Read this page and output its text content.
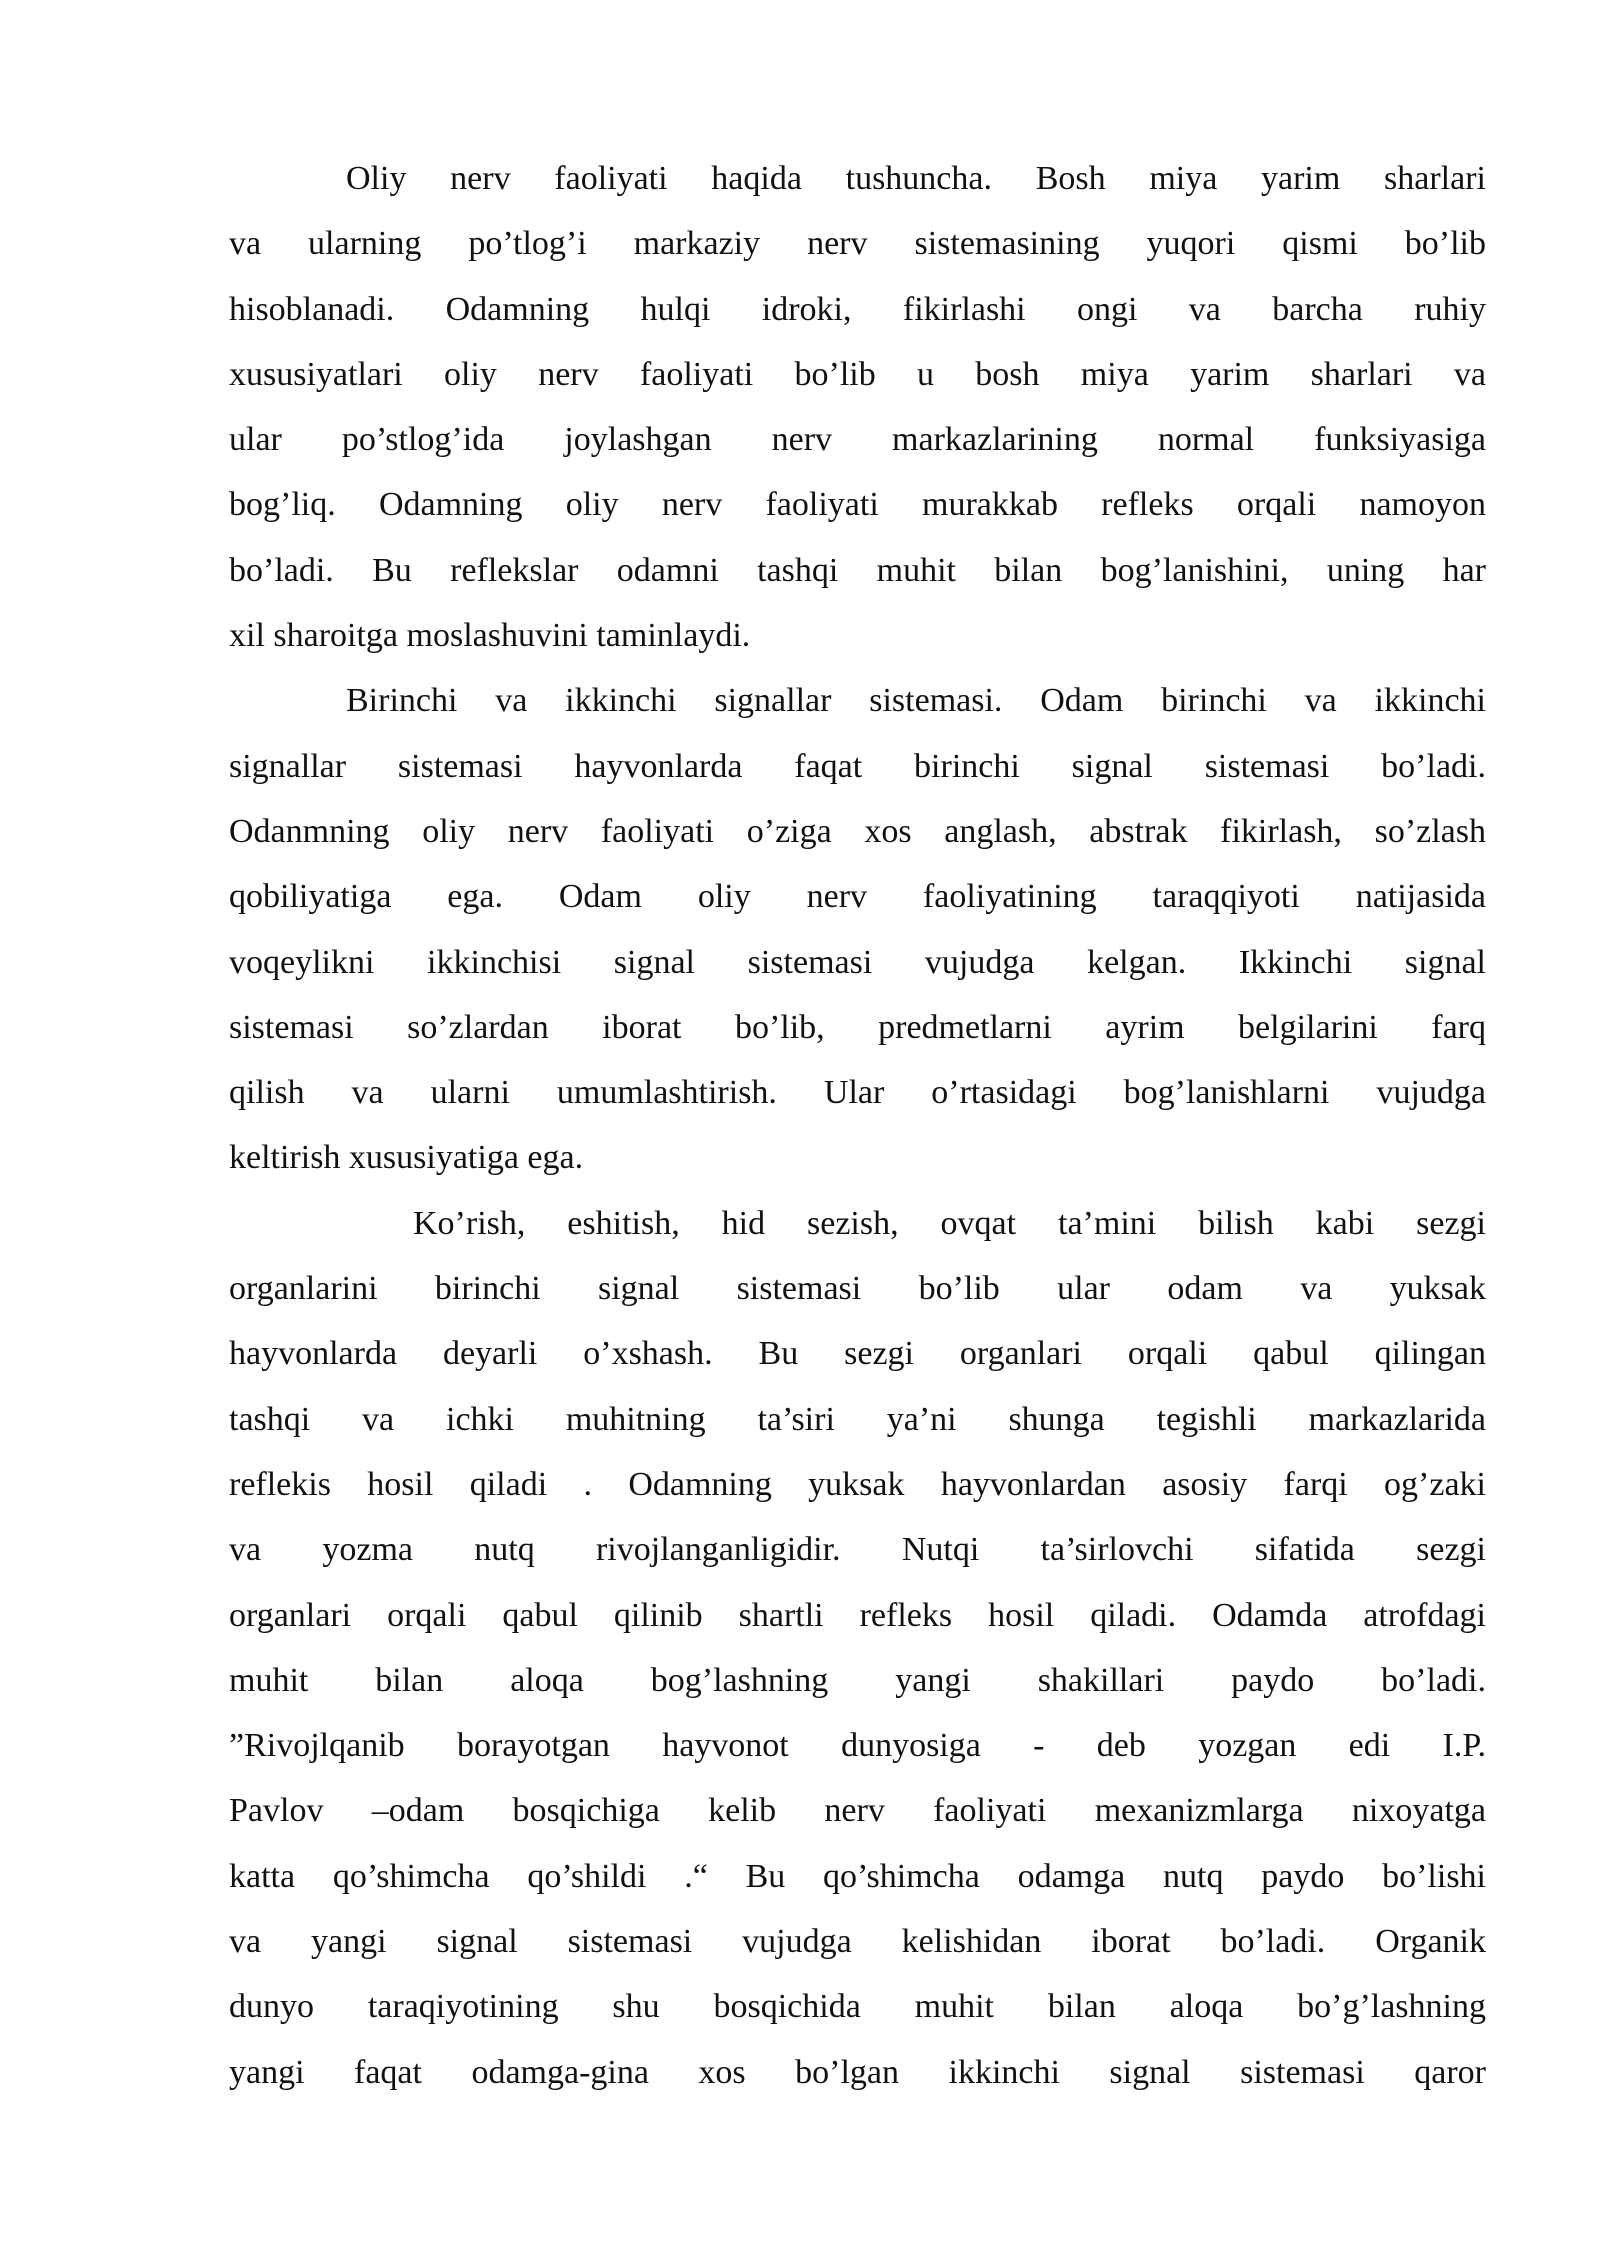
Oliy nerv faoliyati haqida tushuncha. Bosh miya yarim sharlari
va ularning po’tlog’i markaziy nerv sistemasining yuqori qismi bo’lib
hisoblanadi. Odamning hulqi idroki, fikirlashi ongi va barcha ruhiy
xususiyatlari oliy nerv faoliyati bo’lib u bosh miya yarim sharlari va
ular po’stlog’ida joylashgan nerv markazlarining normal funksiyasiga
bog’liq. Odamning oliy nerv faoliyati murakkab refleks orqali namoyon
bo’ladi. Bu reflekslar odamni tashqi muhit bilan bog’lanishini, uning har
xil sharoitga moslashuvini taminlaydi.
Birinchi va ikkinchi signallar sistemasi. Odam birinchi va ikkinchi
signallar sistemasi hayvonlarda faqat birinchi signal sistemasi bo’ladi.
Odanmning oliy nerv faoliyati o’ziga xos anglash, abstrak fikirlash, so’zlash
qobiliyatiga ega. Odam oliy nerv faoliyatining taraqqiyoti natijasida
voqeylikni ikkinchisi signal sistemasi vujudga kelgan. Ikkinchi signal
sistemasi so’zlardan iborat bo’lib, predmetlarni ayrim belgilarini farq
qilish va ularni umumlashtirish. Ular o’rtasidagi bog’lanishlarni vujudga
keltirish xususiyatiga ega.
Ko’rish, eshitish, hid sezish, ovqat ta’mini bilish kabi sezgi
organlarini birinchi signal sistemasi bo’lib ular odam va yuksak
hayvonlarda deyarli o’xshash. Bu sezgi organlari orqali qabul qilingan
tashqi va ichki muhitning ta’siri ya’ni shunga tegishli markazlarida
reflekis hosil qiladi . Odamning yuksak hayvonlardan asosiy farqi og’zaki
va yozma nutq rivojlanganligidir. Nutqi ta’sirlovchi sifatida sezgi
organlari orqali qabul qilinib shartli refleks hosil qiladi. Odamda atrofdagi
muhit bilan aloqa bog’lashning yangi shakillari paydo bo’ladi.
”Rivojlqanib borayotgan hayvonot dunyosiga - deb yozgan edi I.P.
Pavlov –odam bosqichiga kelib nerv faoliyati mexanizmlarga nixoyatga
katta qo’shimcha qo’shildi .“ Bu qo’shimcha odamga nutq paydo bo’lishi
va yangi signal sistemasi vujudga kelishidan iborat bo’ladi. Organik
dunyo taraqiyotining shu bosqichida muhit bilan aloqa bo’g’lashning
yangi faqat odamga-gina xos bo’lgan ikkinchi signal sistemasi qaror
